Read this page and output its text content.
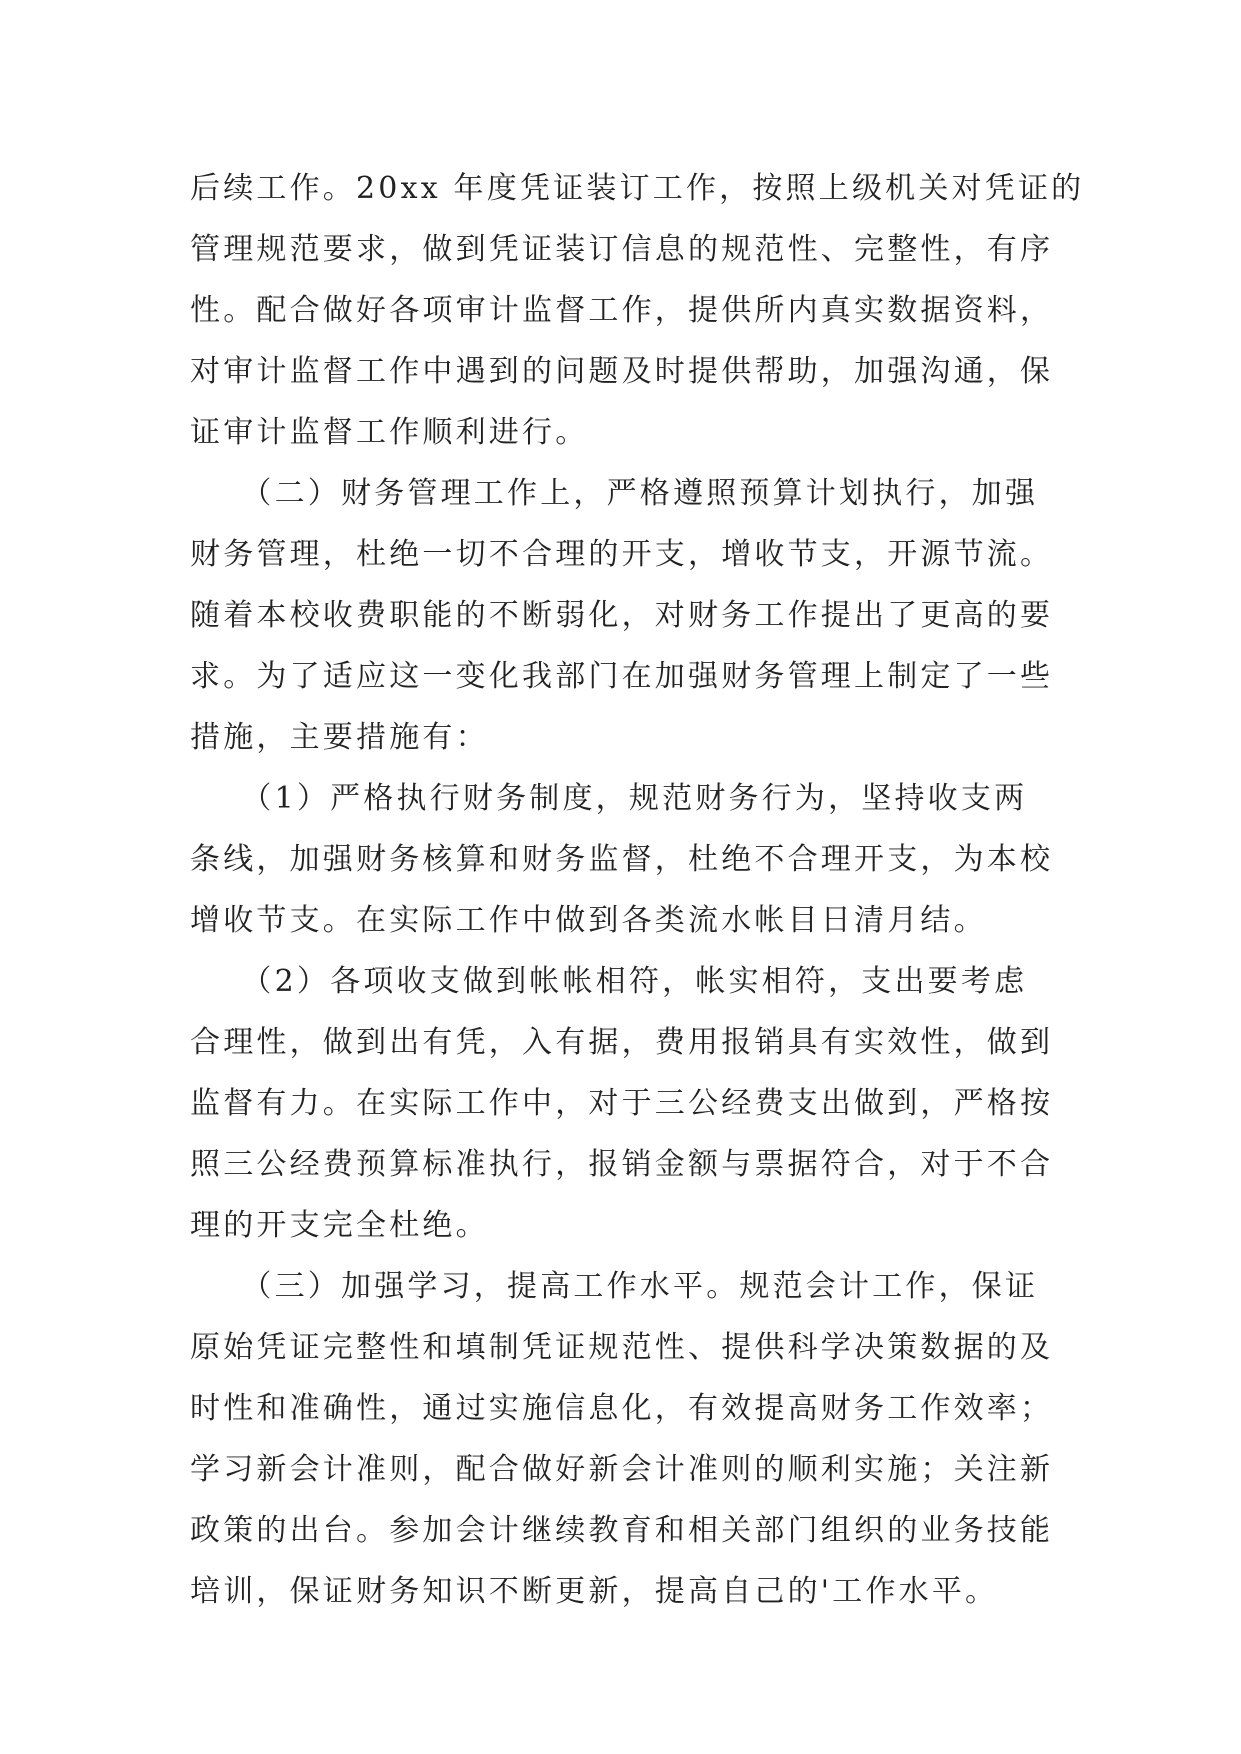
后续工作。20xx 年度凭证装订工作，按照上级机关对凭证的
管理规范要求，做到凭证装订信息的规范性、完整性，有序
性。配合做好各项审计监督工作，提供所内真实数据资料，
对审计监督工作中遇到的问题及时提供帮助，加强沟通，保
证审计监督工作顺利进行。
　　（二）财务管理工作上，严格遵照预算计划执行，加强
财务管理，杜绝一切不合理的开支，增收节支，开源节流。
随着本校收费职能的不断弱化，对财务工作提出了更高的要
求。为了适应这一变化我部门在加强财务管理上制定了一些
措施，主要措施有：
　　（1）严格执行财务制度，规范财务行为，坚持收支两
条线，加强财务核算和财务监督，杜绝不合理开支，为本校
增收节支。在实际工作中做到各类流水帐目日清月结。
　　（2）各项收支做到帐帐相符，帐实相符，支出要考虑
合理性，做到出有凭，入有据，费用报销具有实效性，做到
监督有力。在实际工作中，对于三公经费支出做到，严格按
照三公经费预算标准执行，报销金额与票据符合，对于不合
理的开支完全杜绝。
　　（三）加强学习，提高工作水平。规范会计工作，保证
原始凭证完整性和填制凭证规范性、提供科学决策数据的及
时性和准确性，通过实施信息化，有效提高财务工作效率；
学习新会计准则，配合做好新会计准则的顺利实施；关注新
政策的出台。参加会计继续教育和相关部门组织的业务技能
培训，保证财务知识不断更新，提高自己的'工作水平。
